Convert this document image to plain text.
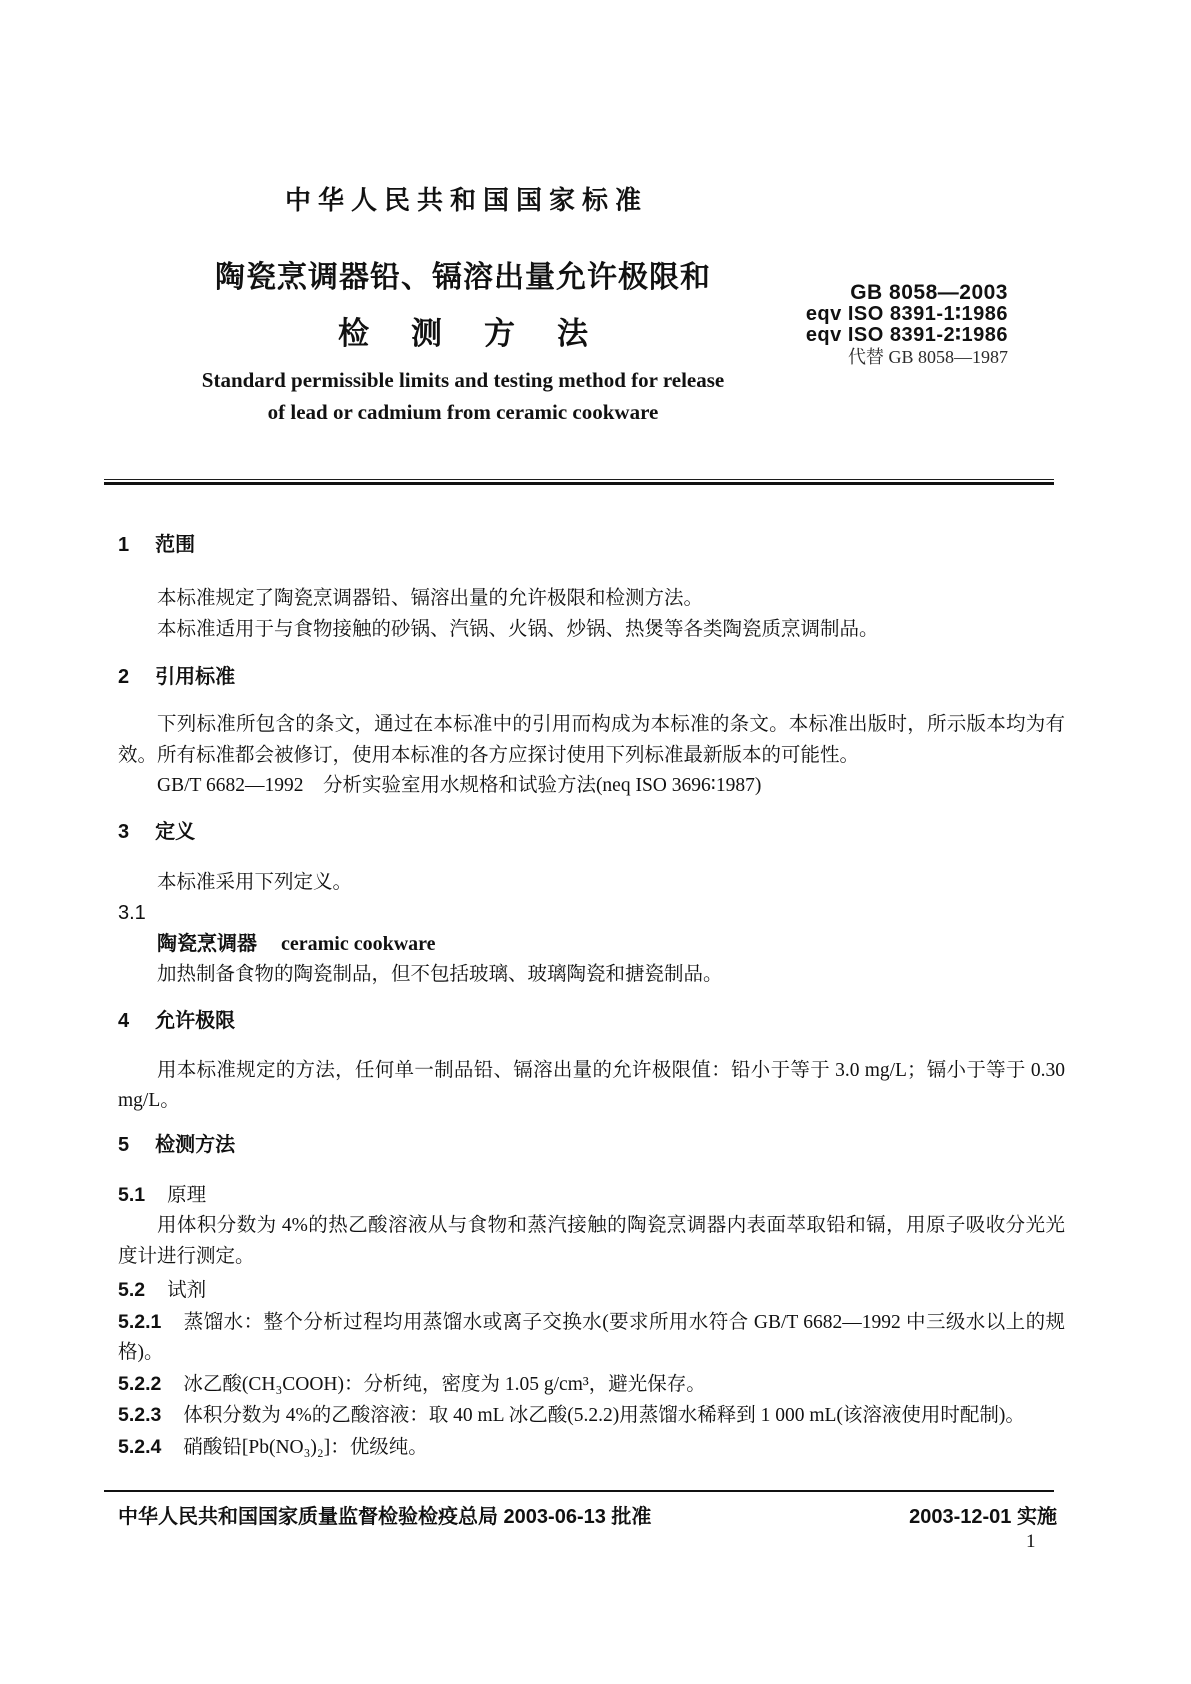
中华人民共和国国家标准
陶瓷烹调器铅、镉溶出量允许极限和
检测方法
Standard permissible limits and testing method for release
of lead or cadmium from ceramic cookware
GB 8058—2003
eqv ISO 8391-1∶1986
eqv ISO 8391-2∶1986
代替 GB 8058—1987
1 范围

本标准规定了陶瓷烹调器铅、镉溶出量的允许极限和检测方法。

本标准适用于与食物接触的砂锅、汽锅、火锅、炒锅、热煲等各类陶瓷质烹调制品。

2 引用标准

下列标准所包含的条文，通过在本标准中的引用而构成为本标准的条文。本标准出版时，所示版本均为有效。所有标准都会被修订，使用本标准的各方应探讨使用下列标准最新版本的可能性。

GB/T 6682—1992　分析实验室用水规格和试验方法(neq ISO 3696∶1987)

3 定义

本标准采用下列定义。

3.1

陶瓷烹调器 ceramic cookware

加热制备食物的陶瓷制品，但不包括玻璃、玻璃陶瓷和搪瓷制品。

4 允许极限

用本标准规定的方法，任何单一制品铅、镉溶出量的允许极限值：铅小于等于 3.0 mg/L；镉小于等于 0.30 mg/L。

5 检测方法

5.1 原理

用体积分数为 4%的热乙酸溶液从与食物和蒸汽接触的陶瓷烹调器内表面萃取铅和镉，用原子吸收分光光度计进行测定。

5.2 试剂

5.2.1 蒸馏水：整个分析过程均用蒸馏水或离子交换水(要求所用水符合 GB/T 6682—1992 中三级水以上的规格)。

5.2.2 冰乙酸(CH₃COOH)：分析纯，密度为 1.05 g/cm³，避光保存。

5.2.3 体积分数为 4%的乙酸溶液：取 40 mL 冰乙酸(5.2.2)用蒸馏水稀释到 1 000 mL(该溶液使用时配制)。

5.2.4 硝酸铅[Pb(NO₃)₂]：优级纯。

中华人民共和国国家质量监督检验检疫总局 2003-06-13 批准	2003-12-01 实施
1
